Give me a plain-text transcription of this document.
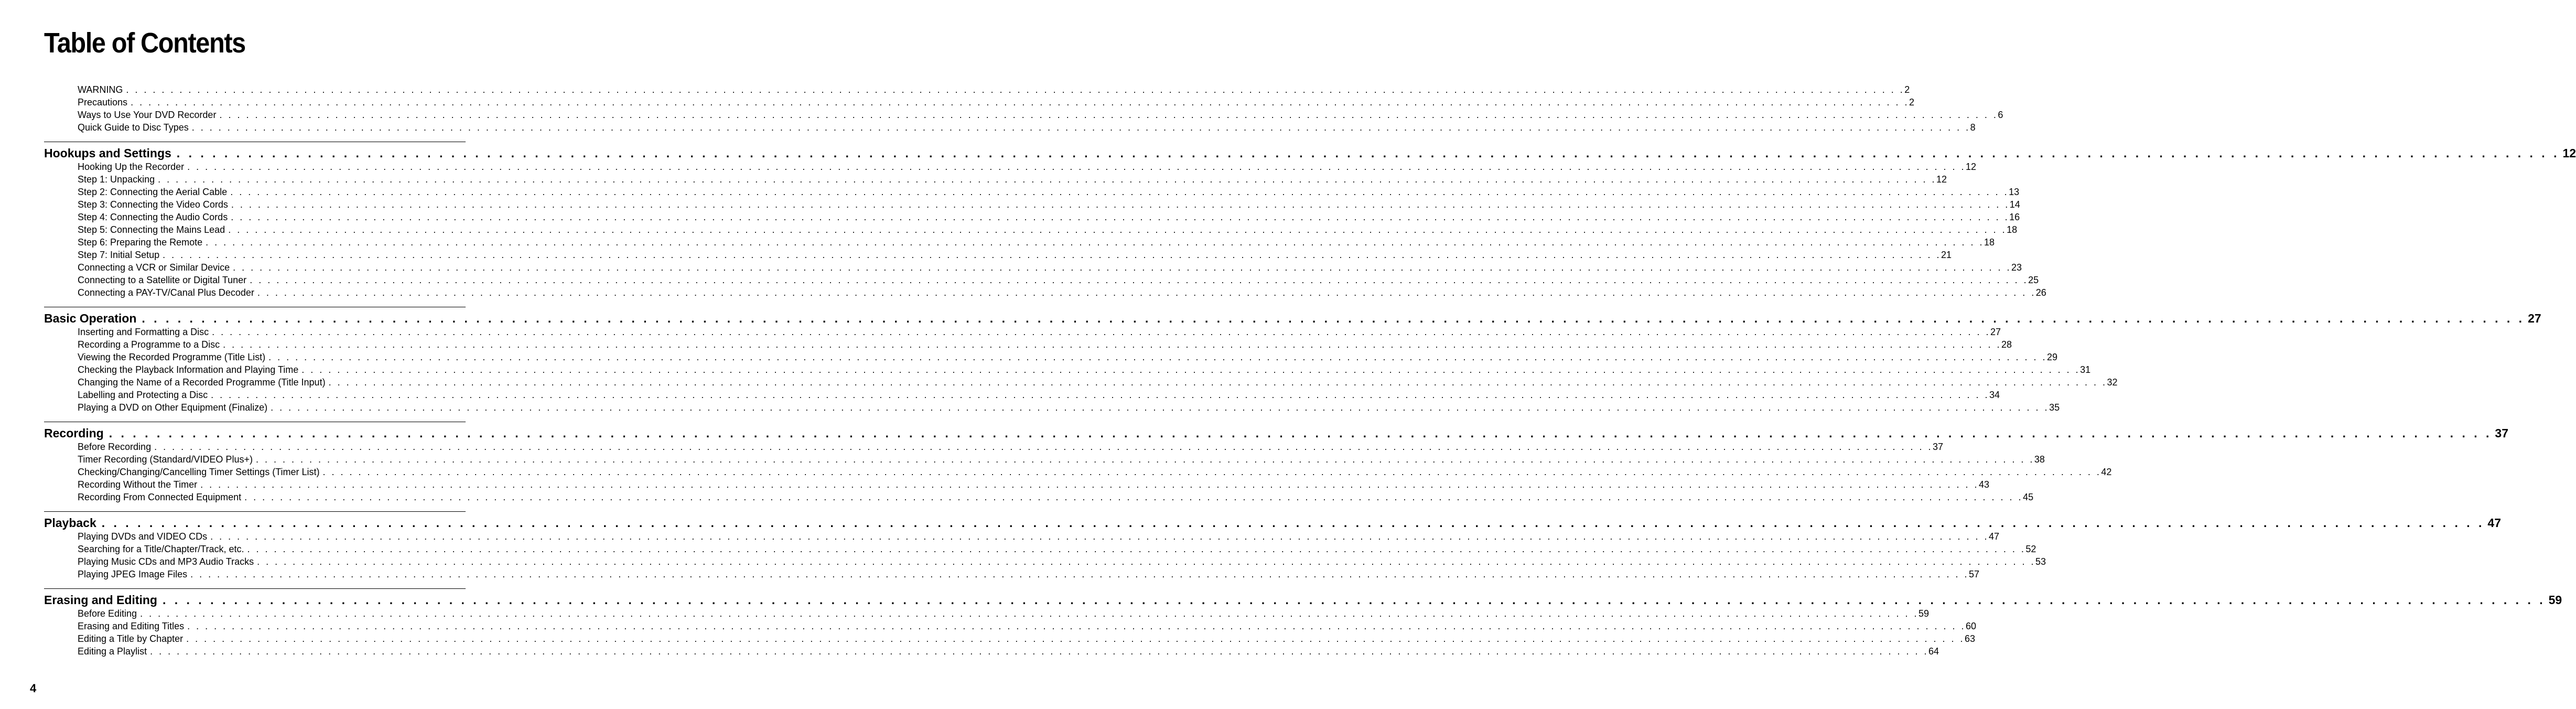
Table of Contents
WARNING . . . . . . . . . . . . . . . . . . . . . . . . . . . . . . . . . . . . . . . . . . . . . . . . . . . . . . . . . . . . . . . . . . . . . . . . . . . . . . . . . . . . . . . . . . . . . . . . . . . . . . . . . . . . . . . . . . . . . . . . . . . . . . . . . . . . . . . . . . . . . . . . . . . . . . . . . . . . . . . . . . . . . . . . . . . . . . . . . . . . . . . . . . . . . . . . . . . . . . . . 2
Precautions . . . . . . . . . . . . . . . . . . . . . . . . . . . . . . . . . . . . . . . . . . . . . . . . . . . . . . . . . . . . . . . . . . . . . . . . . . . . . . . . . . . . . . . . . . . . . . . . . . . . . . . . . . . . . . . . . . . . . . . . . . . . . . . . . . . . . . . . . . . . . . . . . . . . . . . . . . . . . . . . . . . . . . . . . . . . . . . . . . . . . . . . . . . . . . . . . . . . . . . . 2
Ways to Use Your DVD Recorder . . . . . . . . . . . . . . . . . . . . . . . . . . . . . . . . . . . . . . . . . . . . . . . . . . . . . . . . . . . . . . . . . . . . . . . . . . . . . . . . . . . . . . . . . . . . . . . . . . . . . . . . . . . . . . . . . . . . . . . . . . . . . . . . . . . . . . . . . . . . . . . . . . . . . . . . . . . . . . . . . . . . . . . . . . . . . . . . . . . . . . . . . . . . . . . . . . . . . . . . 6
Quick Guide to Disc Types . . . . . . . . . . . . . . . . . . . . . . . . . . . . . . . . . . . . . . . . . . . . . . . . . . . . . . . . . . . . . . . . . . . . . . . . . . . . . . . . . . . . . . . . . . . . . . . . . . . . . . . . . . . . . . . . . . . . . . . . . . . . . . . . . . . . . . . . . . . . . . . . . . . . . . . . . . . . . . . . . . . . . . . . . . . . . . . . . . . . . . . . . . . . . . . . . . . . . . . . 8
Hookups and Settings . . . . . . . . . . . . . . . . . . . . . . . . . . . . . . . . . . . . . . . . . . . . . . . . . . . . . . . . . . . . . . . . . . . . . . . . . . . . . . . . . . . . . . . . . . . . . . . . . . . . . . . . . . . . . . . . . . . . . . . . . . . . . . . . . . . . . . . . . . . . . . . . . . . . . . . . . . . . . . . . . . . . . . . . . . . . . . . . . . . . . . . . . . . . . . . . . . . . . . . . 12
Hooking Up the Recorder . . . . . . . . . . . . . . . . . . . . . . . . . . . . . . . . . . . . . . . . . . . . . . . . . . . . . . . . . . . . . . . . . . . . . . . . . . . . . . . . . . . . . . . . . . . . . . . . . . . . . . . . . . . . . . . . . . . . . . . . . . . . . . . . . . . . . . . . . . . . . . . . . . . . . . . . . . . . . . . . . . . . . . . . . . . . . . . . . . . . . . . . . . . . . . . . . . . . . . . . 12
Step 1: Unpacking . . . . . . . . . . . . . . . . . . . . . . . . . . . . . . . . . . . . . . . . . . . . . . . . . . . . . . . . . . . . . . . . . . . . . . . . . . . . . . . . . . . . . . . . . . . . . . . . . . . . . . . . . . . . . . . . . . . . . . . . . . . . . . . . . . . . . . . . . . . . . . . . . . . . . . . . . . . . . . . . . . . . . . . . . . . . . . . . . . . . . . . . . . . . . . . . . . . . . . . . 12
Step 2: Connecting the Aerial Cable . . . . . . . . . . . . . . . . . . . . . . . . . . . . . . . . . . . . . . . . . . . . . . . . . . . . . . . . . . . . . . . . . . . . . . . . . . . . . . . . . . . . . . . . . . . . . . . . . . . . . . . . . . . . . . . . . . . . . . . . . . . . . . . . . . . . . . . . . . . . . . . . . . . . . . . . . . . . . . . . . . . . . . . . . . . . . . . . . . . . . . . . . . . . . . . . . . . . . . . . 13
Step 3: Connecting the Video Cords . . . . . . . . . . . . . . . . . . . . . . . . . . . . . . . . . . . . . . . . . . . . . . . . . . . . . . . . . . . . . . . . . . . . . . . . . . . . . . . . . . . . . . . . . . . . . . . . . . . . . . . . . . . . . . . . . . . . . . . . . . . . . . . . . . . . . . . . . . . . . . . . . . . . . . . . . . . . . . . . . . . . . . . . . . . . . . . . . . . . . . . . . . . . . . . . . . . . . . . . 14
Step 4: Connecting the Audio Cords . . . . . . . . . . . . . . . . . . . . . . . . . . . . . . . . . . . . . . . . . . . . . . . . . . . . . . . . . . . . . . . . . . . . . . . . . . . . . . . . . . . . . . . . . . . . . . . . . . . . . . . . . . . . . . . . . . . . . . . . . . . . . . . . . . . . . . . . . . . . . . . . . . . . . . . . . . . . . . . . . . . . . . . . . . . . . . . . . . . . . . . . . . . . . . . . . . . . . . . . 16
Step 5: Connecting the Mains Lead . . . . . . . . . . . . . . . . . . . . . . . . . . . . . . . . . . . . . . . . . . . . . . . . . . . . . . . . . . . . . . . . . . . . . . . . . . . . . . . . . . . . . . . . . . . . . . . . . . . . . . . . . . . . . . . . . . . . . . . . . . . . . . . . . . . . . . . . . . . . . . . . . . . . . . . . . . . . . . . . . . . . . . . . . . . . . . . . . . . . . . . . . . . . . . . . . . . . . . . . 18
Step 6: Preparing the Remote . . . . . . . . . . . . . . . . . . . . . . . . . . . . . . . . . . . . . . . . . . . . . . . . . . . . . . . . . . . . . . . . . . . . . . . . . . . . . . . . . . . . . . . . . . . . . . . . . . . . . . . . . . . . . . . . . . . . . . . . . . . . . . . . . . . . . . . . . . . . . . . . . . . . . . . . . . . . . . . . . . . . . . . . . . . . . . . . . . . . . . . . . . . . . . . . . . . . . . . . 18
Step 7: Initial Setup . . . . . . . . . . . . . . . . . . . . . . . . . . . . . . . . . . . . . . . . . . . . . . . . . . . . . . . . . . . . . . . . . . . . . . . . . . . . . . . . . . . . . . . . . . . . . . . . . . . . . . . . . . . . . . . . . . . . . . . . . . . . . . . . . . . . . . . . . . . . . . . . . . . . . . . . . . . . . . . . . . . . . . . . . . . . . . . . . . . . . . . . . . . . . . . . . . . . . . . . 21
Connecting a VCR or Similar Device . . . . . . . . . . . . . . . . . . . . . . . . . . . . . . . . . . . . . . . . . . . . . . . . . . . . . . . . . . . . . . . . . . . . . . . . . . . . . . . . . . . . . . . . . . . . . . . . . . . . . . . . . . . . . . . . . . . . . . . . . . . . . . . . . . . . . . . . . . . . . . . . . . . . . . . . . . . . . . . . . . . . . . . . . . . . . . . . . . . . . . . . . . . . . . . . . . . . . . . . 23
Connecting to a Satellite or Digital Tuner . . . . . . . . . . . . . . . . . . . . . . . . . . . . . . . . . . . . . . . . . . . . . . . . . . . . . . . . . . . . . . . . . . . . . . . . . . . . . . . . . . . . . . . . . . . . . . . . . . . . . . . . . . . . . . . . . . . . . . . . . . . . . . . . . . . . . . . . . . . . . . . . . . . . . . . . . . . . . . . . . . . . . . . . . . . . . . . . . . . . . . . . . . . . . . . . . . . . . . . . 25
Connecting a PAY-TV/Canal Plus Decoder . . . . . . . . . . . . . . . . . . . . . . . . . . . . . . . . . . . . . . . . . . . . . . . . . . . . . . . . . . . . . . . . . . . . . . . . . . . . . . . . . . . . . . . . . . . . . . . . . . . . . . . . . . . . . . . . . . . . . . . . . . . . . . . . . . . . . . . . . . . . . . . . . . . . . . . . . . . . . . . . . . . . . . . . . . . . . . . . . . . . . . . . . . . . . . . . . . . . . . . . 26
Basic Operation . . . . . . . . . . . . . . . . . . . . . . . . . . . . . . . . . . . . . . . . . . . . . . . . . . . . . . . . . . . . . . . . . . . . . . . . . . . . . . . . . . . . . . . . . . . . . . . . . . . . . . . . . . . . . . . . . . . . . . . . . . . . . . . . . . . . . . . . . . . . . . . . . . . . . . . . . . . . . . . . . . . . . . . . . . . . . . . . . . . . . . . . . . . . . . . . . . . . . . . . 27
Inserting and Formatting a Disc . . . . . . . . . . . . . . . . . . . . . . . . . . . . . . . . . . . . . . . . . . . . . . . . . . . . . . . . . . . . . . . . . . . . . . . . . . . . . . . . . . . . . . . . . . . . . . . . . . . . . . . . . . . . . . . . . . . . . . . . . . . . . . . . . . . . . . . . . . . . . . . . . . . . . . . . . . . . . . . . . . . . . . . . . . . . . . . . . . . . . . . . . . . . . . . . . . . . . . . . 27
Recording a Programme to a Disc . . . . . . . . . . . . . . . . . . . . . . . . . . . . . . . . . . . . . . . . . . . . . . . . . . . . . . . . . . . . . . . . . . . . . . . . . . . . . . . . . . . . . . . . . . . . . . . . . . . . . . . . . . . . . . . . . . . . . . . . . . . . . . . . . . . . . . . . . . . . . . . . . . . . . . . . . . . . . . . . . . . . . . . . . . . . . . . . . . . . . . . . . . . . . . . . . . . . . . . . 28
Viewing the Recorded Programme (Title List) . . . . . . . . . . . . . . . . . . . . . . . . . . . . . . . . . . . . . . . . . . . . . . . . . . . . . . . . . . . . . . . . . . . . . . . . . . . . . . . . . . . . . . . . . . . . . . . . . . . . . . . . . . . . . . . . . . . . . . . . . . . . . . . . . . . . . . . . . . . . . . . . . . . . . . . . . . . . . . . . . . . . . . . . . . . . . . . . . . . . . . . . . . . . . . . . . . . . . . . . 29
Checking the Playback Information and Playing Time . . . . . . . . . . . . . . . . . . . . . . . . . . . . . . . . . . . . . . . . . . . . . . . . . . . . . . . . . . . . . . . . . . . . . . . . . . . . . . . . . . . . . . . . . . . . . . . . . . . . . . . . . . . . . . . . . . . . . . . . . . . . . . . . . . . . . . . . . . . . . . . . . . . . . . . . . . . . . . . . . . . . . . . . . . . . . . . . . . . . . . . . . . . . . . . . . . . . . . . . 31
Changing the Name of a Recorded Programme (Title Input) . . . . . . . . . . . . . . . . . . . . . . . . . . . . . . . . . . . . . . . . . . . . . . . . . . . . . . . . . . . . . . . . . . . . . . . . . . . . . . . . . . . . . . . . . . . . . . . . . . . . . . . . . . . . . . . . . . . . . . . . . . . . . . . . . . . . . . . . . . . . . . . . . . . . . . . . . . . . . . . . . . . . . . . . . . . . . . . . . . . . . . . . . . . . . . . . . . . . . . . . 32
Labelling and Protecting a Disc . . . . . . . . . . . . . . . . . . . . . . . . . . . . . . . . . . . . . . . . . . . . . . . . . . . . . . . . . . . . . . . . . . . . . . . . . . . . . . . . . . . . . . . . . . . . . . . . . . . . . . . . . . . . . . . . . . . . . . . . . . . . . . . . . . . . . . . . . . . . . . . . . . . . . . . . . . . . . . . . . . . . . . . . . . . . . . . . . . . . . . . . . . . . . . . . . . . . . . . . 34
Playing a DVD on Other Equipment (Finalize) . . . . . . . . . . . . . . . . . . . . . . . . . . . . . . . . . . . . . . . . . . . . . . . . . . . . . . . . . . . . . . . . . . . . . . . . . . . . . . . . . . . . . . . . . . . . . . . . . . . . . . . . . . . . . . . . . . . . . . . . . . . . . . . . . . . . . . . . . . . . . . . . . . . . . . . . . . . . . . . . . . . . . . . . . . . . . . . . . . . . . . . . . . . . . . . . . . . . . . . . 35
Recording . . . . . . . . . . . . . . . . . . . . . . . . . . . . . . . . . . . . . . . . . . . . . . . . . . . . . . . . . . . . . . . . . . . . . . . . . . . . . . . . . . . . . . . . . . . . . . . . . . . . . . . . . . . . . . . . . . . . . . . . . . . . . . . . . . . . . . . . . . . . . . . . . . . . . . . . . . . . . . . . . . . . . . . . . . . . . . . . . . . . . . . . . . . . . . . . . . . . . . . . 37
Before Recording . . . . . . . . . . . . . . . . . . . . . . . . . . . . . . . . . . . . . . . . . . . . . . . . . . . . . . . . . . . . . . . . . . . . . . . . . . . . . . . . . . . . . . . . . . . . . . . . . . . . . . . . . . . . . . . . . . . . . . . . . . . . . . . . . . . . . . . . . . . . . . . . . . . . . . . . . . . . . . . . . . . . . . . . . . . . . . . . . . . . . . . . . . . . . . . . . . . . . . . . 37
Timer Recording (Standard/VIDEO Plus+) . . . . . . . . . . . . . . . . . . . . . . . . . . . . . . . . . . . . . . . . . . . . . . . . . . . . . . . . . . . . . . . . . . . . . . . . . . . . . . . . . . . . . . . . . . . . . . . . . . . . . . . . . . . . . . . . . . . . . . . . . . . . . . . . . . . . . . . . . . . . . . . . . . . . . . . . . . . . . . . . . . . . . . . . . . . . . . . . . . . . . . . . . . . . . . . . . . . . . . . . 38
Checking/Changing/Cancelling Timer Settings (Timer List) . . . . . . . . . . . . . . . . . . . . . . . . . . . . . . . . . . . . . . . . . . . . . . . . . . . . . . . . . . . . . . . . . . . . . . . . . . . . . . . . . . . . . . . . . . . . . . . . . . . . . . . . . . . . . . . . . . . . . . . . . . . . . . . . . . . . . . . . . . . . . . . . . . . . . . . . . . . . . . . . . . . . . . . . . . . . . . . . . . . . . . . . . . . . . . . . . . . . . . . . 42
Recording Without the Timer . . . . . . . . . . . . . . . . . . . . . . . . . . . . . . . . . . . . . . . . . . . . . . . . . . . . . . . . . . . . . . . . . . . . . . . . . . . . . . . . . . . . . . . . . . . . . . . . . . . . . . . . . . . . . . . . . . . . . . . . . . . . . . . . . . . . . . . . . . . . . . . . . . . . . . . . . . . . . . . . . . . . . . . . . . . . . . . . . . . . . . . . . . . . . . . . . . . . . . . . 43
Recording From Connected Equipment . . . . . . . . . . . . . . . . . . . . . . . . . . . . . . . . . . . . . . . . . . . . . . . . . . . . . . . . . . . . . . . . . . . . . . . . . . . . . . . . . . . . . . . . . . . . . . . . . . . . . . . . . . . . . . . . . . . . . . . . . . . . . . . . . . . . . . . . . . . . . . . . . . . . . . . . . . . . . . . . . . . . . . . . . . . . . . . . . . . . . . . . . . . . . . . . . . . . . . . . 45
Playback . . . . . . . . . . . . . . . . . . . . . . . . . . . . . . . . . . . . . . . . . . . . . . . . . . . . . . . . . . . . . . . . . . . . . . . . . . . . . . . . . . . . . . . . . . . . . . . . . . . . . . . . . . . . . . . . . . . . . . . . . . . . . . . . . . . . . . . . . . . . . . . . . . . . . . . . . . . . . . . . . . . . . . . . . . . . . . . . . . . . . . . . . . . . . . . . . . . . . . . . 47
Playing DVDs and VIDEO CDs . . . . . . . . . . . . . . . . . . . . . . . . . . . . . . . . . . . . . . . . . . . . . . . . . . . . . . . . . . . . . . . . . . . . . . . . . . . . . . . . . . . . . . . . . . . . . . . . . . . . . . . . . . . . . . . . . . . . . . . . . . . . . . . . . . . . . . . . . . . . . . . . . . . . . . . . . . . . . . . . . . . . . . . . . . . . . . . . . . . . . . . . . . . . . . . . . . . . . . . . 47
Searching for a Title/Chapter/Track, etc. . . . . . . . . . . . . . . . . . . . . . . . . . . . . . . . . . . . . . . . . . . . . . . . . . . . . . . . . . . . . . . . . . . . . . . . . . . . . . . . . . . . . . . . . . . . . . . . . . . . . . . . . . . . . . . . . . . . . . . . . . . . . . . . . . . . . . . . . . . . . . . . . . . . . . . . . . . . . . . . . . . . . . . . . . . . . . . . . . . . . . . . . . . . . . . . . . . . . . . . . 52
Playing Music CDs and MP3 Audio Tracks . . . . . . . . . . . . . . . . . . . . . . . . . . . . . . . . . . . . . . . . . . . . . . . . . . . . . . . . . . . . . . . . . . . . . . . . . . . . . . . . . . . . . . . . . . . . . . . . . . . . . . . . . . . . . . . . . . . . . . . . . . . . . . . . . . . . . . . . . . . . . . . . . . . . . . . . . . . . . . . . . . . . . . . . . . . . . . . . . . . . . . . . . . . . . . . . . . . . . . . . 53
Playing JPEG Image Files . . . . . . . . . . . . . . . . . . . . . . . . . . . . . . . . . . . . . . . . . . . . . . . . . . . . . . . . . . . . . . . . . . . . . . . . . . . . . . . . . . . . . . . . . . . . . . . . . . . . . . . . . . . . . . . . . . . . . . . . . . . . . . . . . . . . . . . . . . . . . . . . . . . . . . . . . . . . . . . . . . . . . . . . . . . . . . . . . . . . . . . . . . . . . . . . . . . . . . . . 57
Erasing and Editing . . . . . . . . . . . . . . . . . . . . . . . . . . . . . . . . . . . . . . . . . . . . . . . . . . . . . . . . . . . . . . . . . . . . . . . . . . . . . . . . . . . . . . . . . . . . . . . . . . . . . . . . . . . . . . . . . . . . . . . . . . . . . . . . . . . . . . . . . . . . . . . . . . . . . . . . . . . . . . . . . . . . . . . . . . . . . . . . . . . . . . . . . . . . . . . . . . . . . . . . 59
Before Editing . . . . . . . . . . . . . . . . . . . . . . . . . . . . . . . . . . . . . . . . . . . . . . . . . . . . . . . . . . . . . . . . . . . . . . . . . . . . . . . . . . . . . . . . . . . . . . . . . . . . . . . . . . . . . . . . . . . . . . . . . . . . . . . . . . . . . . . . . . . . . . . . . . . . . . . . . . . . . . . . . . . . . . . . . . . . . . . . . . . . . . . . . . . . . . . . . . . . . . . . 59
Erasing and Editing Titles . . . . . . . . . . . . . . . . . . . . . . . . . . . . . . . . . . . . . . . . . . . . . . . . . . . . . . . . . . . . . . . . . . . . . . . . . . . . . . . . . . . . . . . . . . . . . . . . . . . . . . . . . . . . . . . . . . . . . . . . . . . . . . . . . . . . . . . . . . . . . . . . . . . . . . . . . . . . . . . . . . . . . . . . . . . . . . . . . . . . . . . . . . . . . . . . . . . . . . . . 60
Editing a Title by Chapter . . . . . . . . . . . . . . . . . . . . . . . . . . . . . . . . . . . . . . . . . . . . . . . . . . . . . . . . . . . . . . . . . . . . . . . . . . . . . . . . . . . . . . . . . . . . . . . . . . . . . . . . . . . . . . . . . . . . . . . . . . . . . . . . . . . . . . . . . . . . . . . . . . . . . . . . . . . . . . . . . . . . . . . . . . . . . . . . . . . . . . . . . . . . . . . . . . . . . . . . 63
Editing a Playlist . . . . . . . . . . . . . . . . . . . . . . . . . . . . . . . . . . . . . . . . . . . . . . . . . . . . . . . . . . . . . . . . . . . . . . . . . . . . . . . . . . . . . . . . . . . . . . . . . . . . . . . . . . . . . . . . . . . . . . . . . . . . . . . . . . . . . . . . . . . . . . . . . . . . . . . . . . . . . . . . . . . . . . . . . . . . . . . . . . . . . . . . . . . . . . . . . . . . . . . . 64
4
